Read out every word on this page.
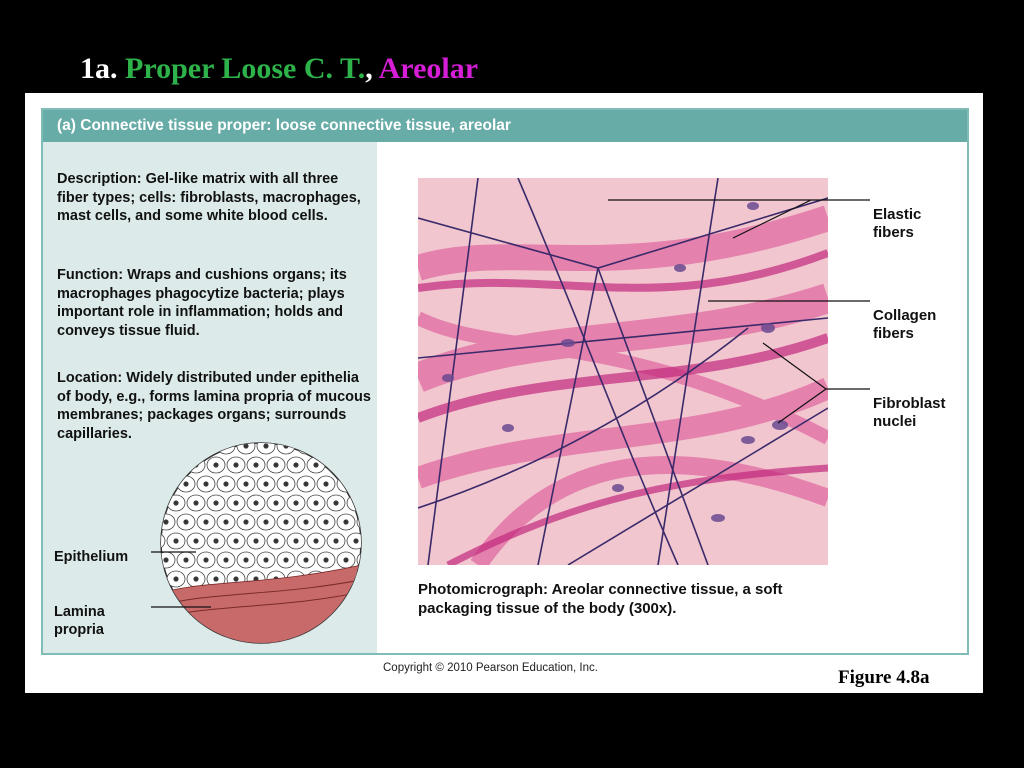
1a. Proper Loose C. T., Areolar
(a) Connective tissue proper: loose connective tissue, areolar
Description: Gel-like matrix with all three fiber types; cells: fibroblasts, macrophages, mast cells, and some white blood cells.
Function: Wraps and cushions organs; its macrophages phagocytize bacteria; plays important role in inflammation; holds and conveys tissue fluid.
Location: Widely distributed under epithelia of body, e.g., forms lamina propria of mucous membranes; packages organs; surrounds capillaries.
Epithelium
Lamina propria
Elastic fibers
Collagen fibers
Fibroblast nuclei
Photomicrograph: Areolar connective tissue, a soft packaging tissue of the body (300x).
Copyright © 2010 Pearson Education, Inc.	Figure 4.8a
